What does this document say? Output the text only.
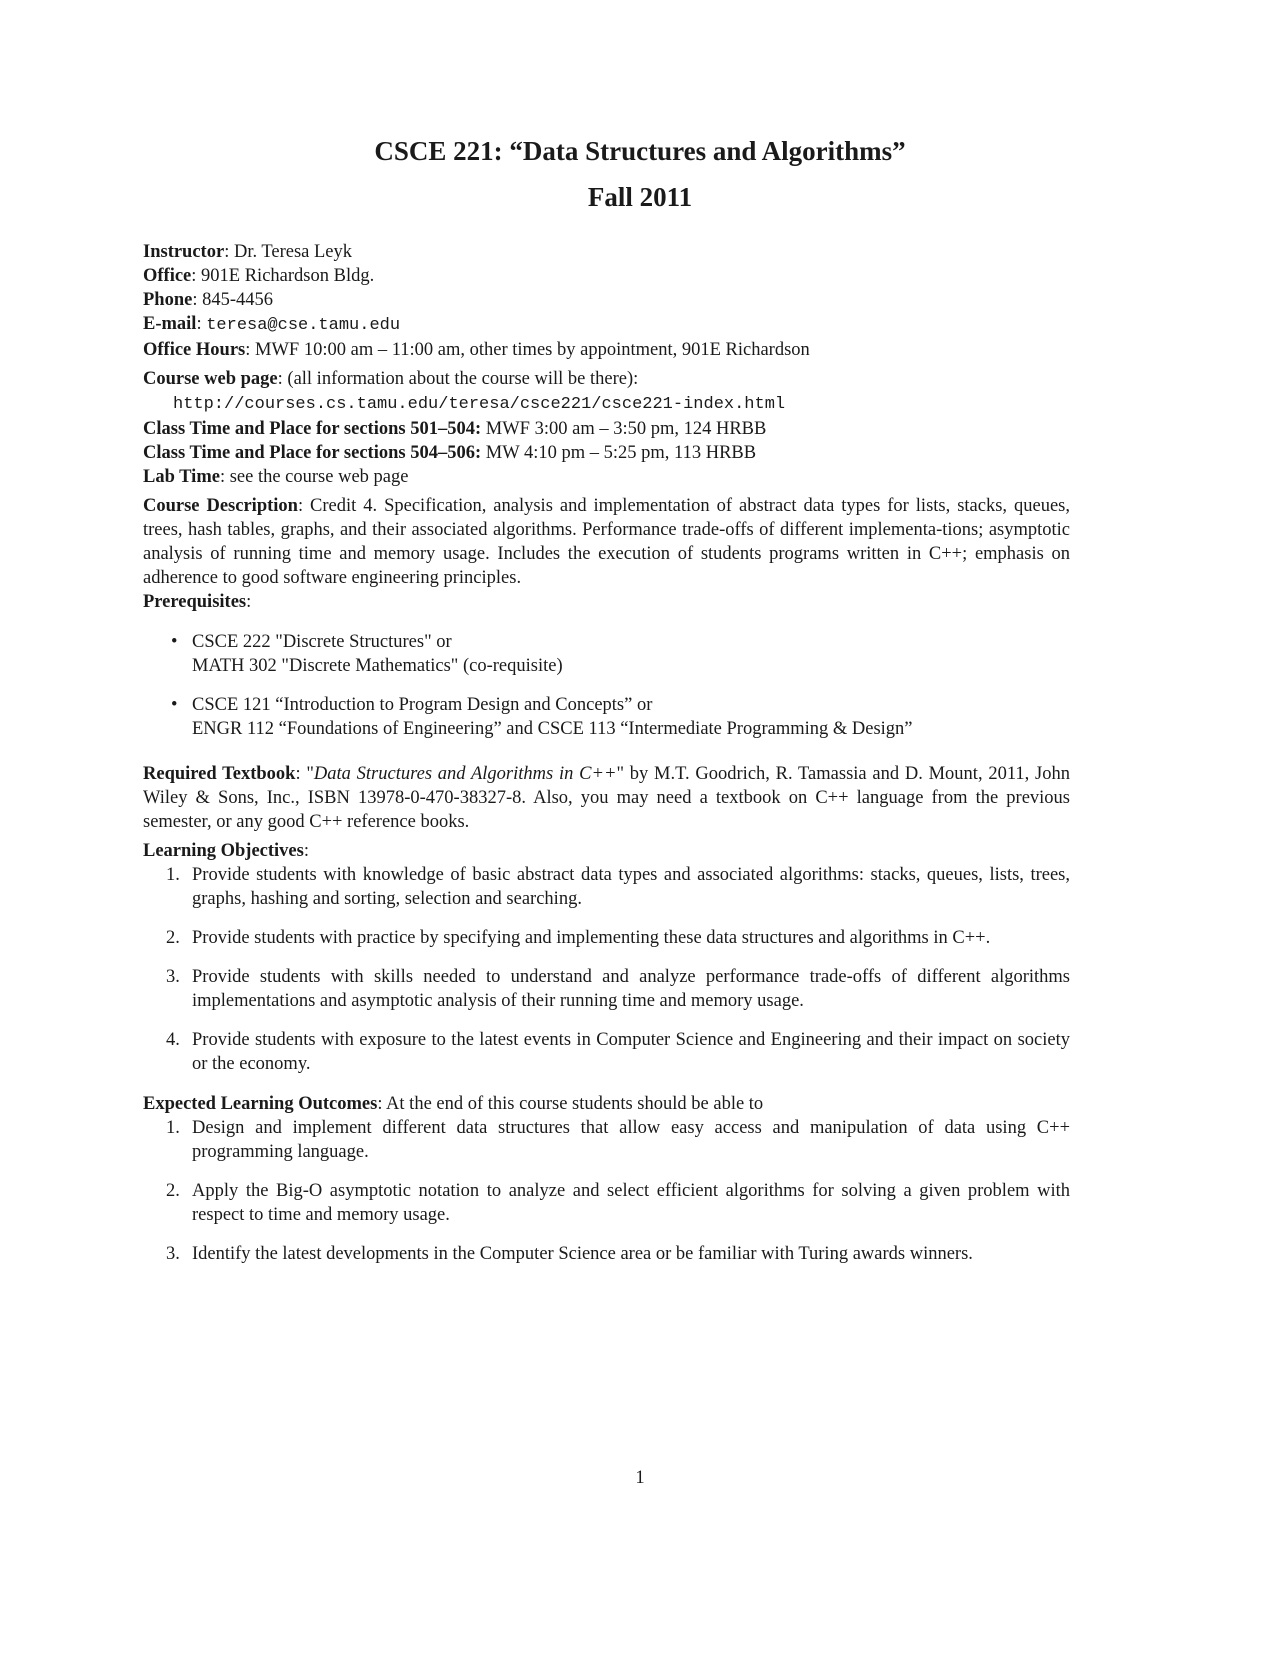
CSCE 221: “Data Structures and Algorithms”
Fall 2011

Instructor: Dr. Teresa Leyk

Office: 901E Richardson Bldg.

Phone: 845-4456

E-mail: teresa@cse.tamu.edu

Office Hours: MWF 10:00 am – 11:00 am, other times by appointment, 901E Richardson

Course web page: (all information about the course will be there):

http://courses.cs.tamu.edu/teresa/csce221/csce221-index.html

Class Time and Place for sections 501–504: MWF 3:00 am – 3:50 pm, 124 HRBB

Class Time and Place for sections 504–506: MW 4:10 pm – 5:25 pm, 113 HRBB

Lab Time: see the course web page

Course Description: Credit 4. Specification, analysis and implementation of abstract data types for lists, stacks, queues, trees, hash tables, graphs, and their associated algorithms. Performance trade-offs of different implementa-tions; asymptotic analysis of running time and memory usage. Includes the execution of students programs written in C++; emphasis on adherence to good software engineering principles.

Prerequisites:

• CSCE 222 "Discrete Structures" or
MATH 302 "Discrete Mathematics" (co-requisite)
• CSCE 121 “Introduction to Program Design and Concepts” or
ENGR 112 “Foundations of Engineering” and CSCE 113 “Intermediate Programming & Design”

Required Textbook: "Data Structures and Algorithms in C++" by M.T. Goodrich, R. Tamassia and D. Mount, 2011, John Wiley & Sons, Inc., ISBN 13978-0-470-38327-8. Also, you may need a textbook on C++ language from the previous semester, or any good C++ reference books.

Learning Objectives:

1. Provide students with knowledge of basic abstract data types and associated algorithms: stacks, queues, lists, trees, graphs, hashing and sorting, selection and searching.
2. Provide students with practice by specifying and implementing these data structures and algorithms in C++.
3. Provide students with skills needed to understand and analyze performance trade-offs of different algorithms implementations and asymptotic analysis of their running time and memory usage.
4. Provide students with exposure to the latest events in Computer Science and Engineering and their impact on society or the economy.

Expected Learning Outcomes: At the end of this course students should be able to

1. Design and implement different data structures that allow easy access and manipulation of data using C++ programming language.
2. Apply the Big-O asymptotic notation to analyze and select efficient algorithms for solving a given problem with respect to time and memory usage.
3. Identify the latest developments in the Computer Science area or be familiar with Turing awards winners.
1
